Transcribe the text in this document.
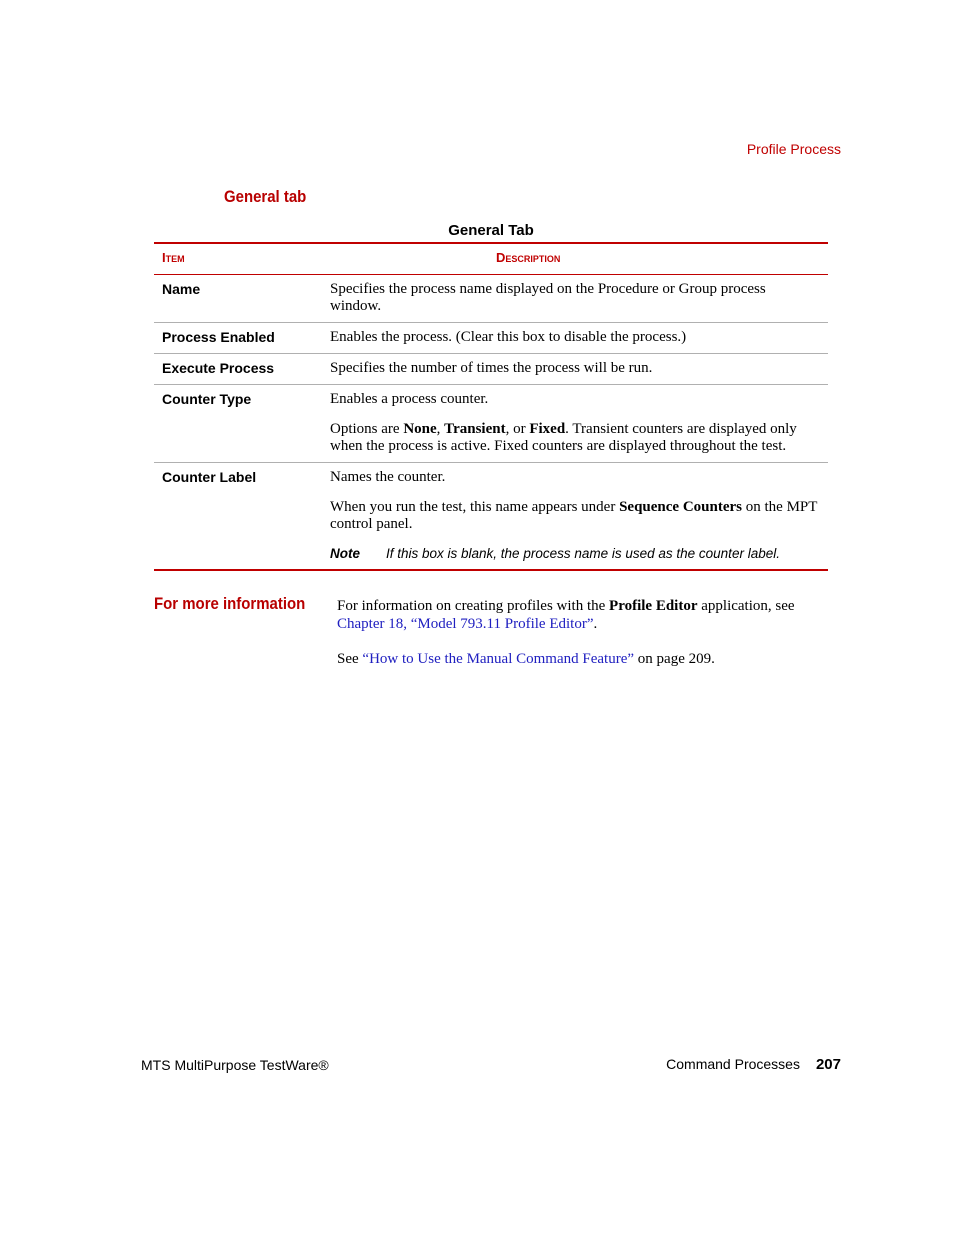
Profile Process
General tab
General Tab
Item	Description
Name	Specifies the process name displayed on the Procedure or Group process window.

Process Enabled	Enables the process. (Clear this box to disable the process.)

Execute Process	Specifies the number of times the process will be run.

Counter Type	Enables a process counter.

Options are None, Transient, or Fixed. Transient counters are displayed only when the process is active. Fixed counters are displayed throughout the test.

Counter Label	Names the counter.

When you run the test, this name appears under Sequence Counters on the MPT control panel.

Note If this box is blank, the process name is used as the counter label.
For more information For information on creating profiles with the Profile Editor application, see Chapter 18, “Model 793.11 Profile Editor”.

See “How to Use the Manual Command Feature” on page 209.

MTS MultiPurpose TestWare®	Command Processes 207
